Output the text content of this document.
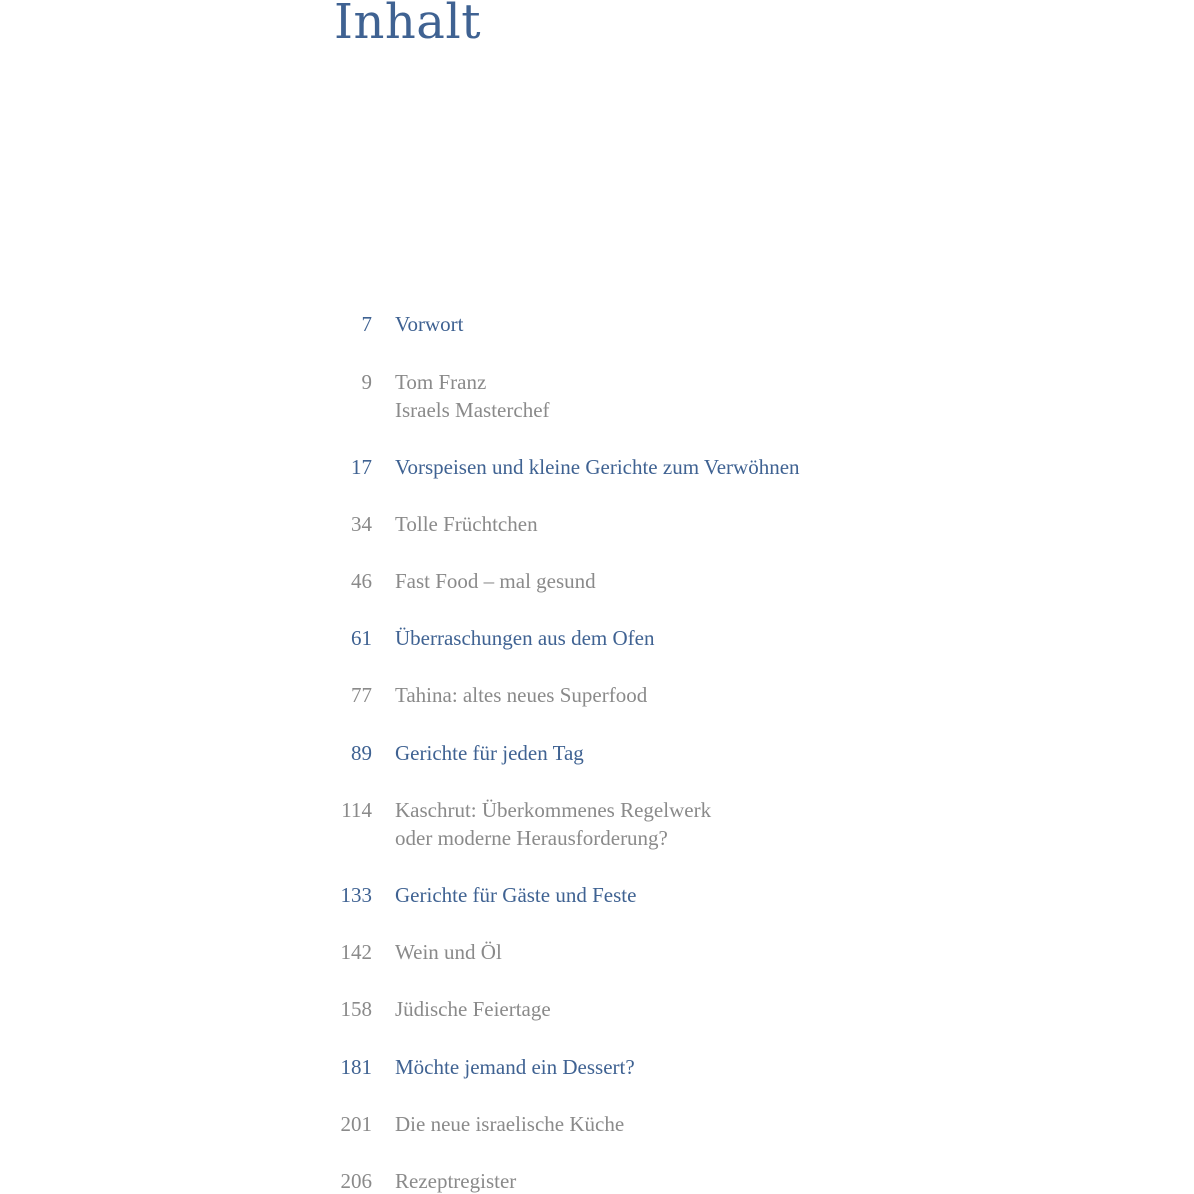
Inhalt
7 Vorwort
9 Tom Franz
Israels Masterchef
17 Vorspeisen und kleine Gerichte zum Verwöhnen
34 Tolle Früchtchen
46 Fast Food – mal gesund
61 Überraschungen aus dem Ofen
77 Tahina: altes neues Superfood
89 Gerichte für jeden Tag
114 Kaschrut: Überkommenes Regelwerk
oder moderne Herausforderung?
133 Gerichte für Gäste und Feste
142 Wein und Öl
158 Jüdische Feiertage
181 Möchte jemand ein Dessert?
201 Die neue israelische Küche
206 Rezeptregister
